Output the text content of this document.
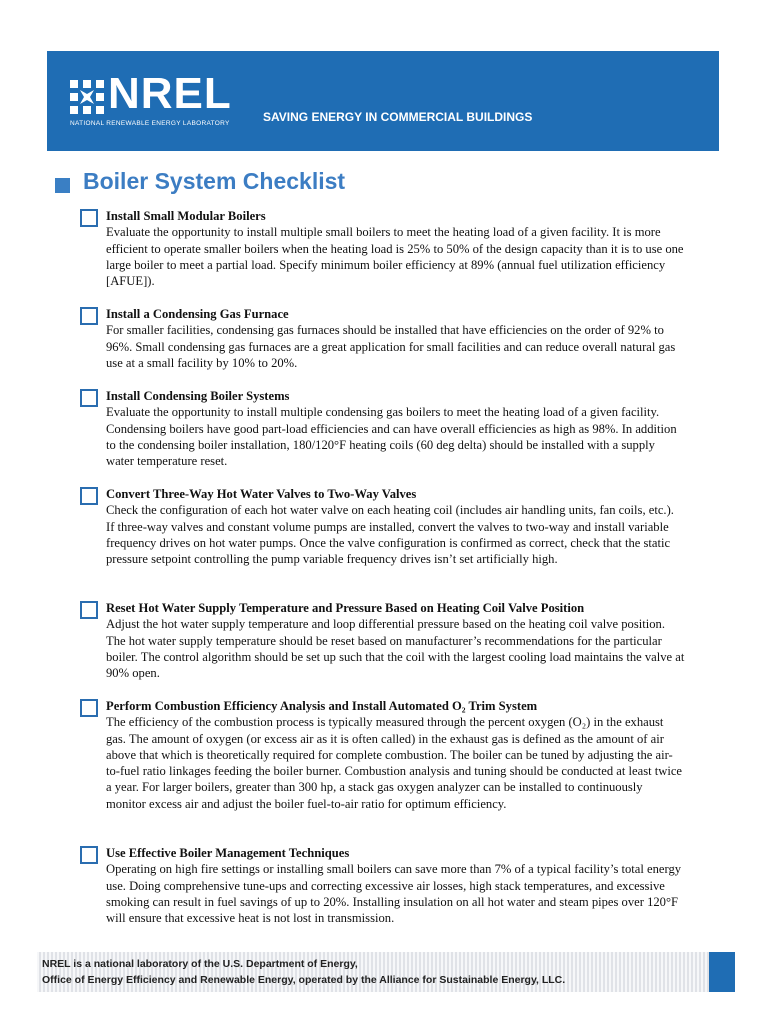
NREL
NATIONAL RENEWABLE ENERGY LABORATORY	SAVING ENERGY IN COMMERCIAL BUILDINGS
Boiler System Checklist
Install Small Modular Boilers
Evaluate the opportunity to install multiple small boilers to meet the heating load of a given facility. It is more efficient to operate smaller boilers when the heating load is 25% to 50% of the design capacity than it is to use one large boiler to meet a partial load. Specify minimum boiler efficiency at 89% (annual fuel utilization efficiency [AFUE]).
Install a Condensing Gas Furnace
For smaller facilities, condensing gas furnaces should be installed that have efficiencies on the order of 92% to 96%. Small condensing gas furnaces are a great application for small facilities and can reduce overall natural gas use at a small facility by 10% to 20%.
Install Condensing Boiler Systems
Evaluate the opportunity to install multiple condensing gas boilers to meet the heating load of a given facility. Condensing boilers have good part-load efficiencies and can have overall efficiencies as high as 98%. In addition to the condensing boiler installation, 180/120°F heating coils (60 deg delta) should be installed with a supply water temperature reset.
Convert Three-Way Hot Water Valves to Two-Way Valves
Check the configuration of each hot water valve on each heating coil (includes air handling units, fan coils, etc.). If three-way valves and constant volume pumps are installed, convert the valves to two-way and install variable frequency drives on hot water pumps. Once the valve configuration is confirmed as correct, check that the static pressure setpoint controlling the pump variable frequency drives isn’t set artificially high.
Reset Hot Water Supply Temperature and Pressure Based on Heating Coil Valve Position
Adjust the hot water supply temperature and loop differential pressure based on the heating coil valve position. The hot water supply temperature should be reset based on manufacturer’s recommendations for the particular boiler. The control algorithm should be set up such that the coil with the largest cooling load maintains the valve at 90% open.
Perform Combustion Efficiency Analysis and Install Automated O₂ Trim System
The efficiency of the combustion process is typically measured through the percent oxygen (O₂) in the exhaust gas. The amount of oxygen (or excess air as it is often called) in the exhaust gas is defined as the amount of air above that which is theoretically required for complete combustion. The boiler can be tuned by adjusting the air-to-fuel ratio linkages feeding the boiler burner. Combustion analysis and tuning should be conducted at least twice a year. For larger boilers, greater than 300 hp, a stack gas oxygen analyzer can be installed to continuously monitor excess air and adjust the boiler fuel-to-air ratio for optimum efficiency.
Use Effective Boiler Management Techniques
Operating on high fire settings or installing small boilers can save more than 7% of a typical facility’s total energy use. Doing comprehensive tune-ups and correcting excessive air losses, high stack temperatures, and excessive smoking can result in fuel savings of up to 20%. Installing insulation on all hot water and steam pipes over 120°F will ensure that excessive heat is not lost in transmission.
NREL is a national laboratory of the U.S. Department of Energy,
Office of Energy Efficiency and Renewable Energy, operated by the Alliance for Sustainable Energy, LLC.
